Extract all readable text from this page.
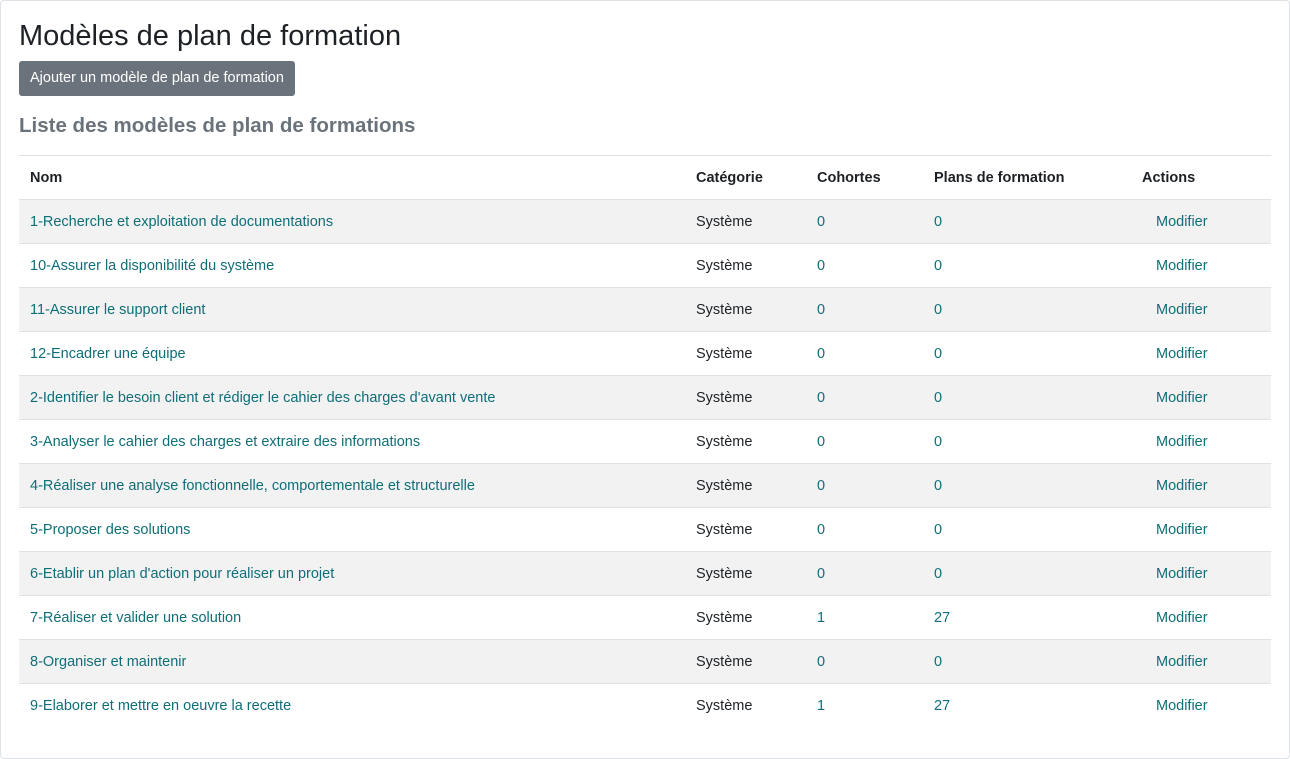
Modèles de plan de formation
Ajouter un modèle de plan de formation
Liste des modèles de plan de formations
Nom	Catégorie	Cohortes	Plans de formation	Actions
1-Recherche et exploitation de documentations	Système	0	0	Modifier
10-Assurer la disponibilité du système	Système	0	0	Modifier
11-Assurer le support client	Système	0	0	Modifier
12-Encadrer une équipe	Système	0	0	Modifier
2-Identifier le besoin client et rédiger le cahier des charges d'avant vente	Système	0	0	Modifier
3-Analyser le cahier des charges et extraire des informations	Système	0	0	Modifier
4-Réaliser une analyse fonctionnelle, comportementale et structurelle	Système	0	0	Modifier
5-Proposer des solutions	Système	0	0	Modifier
6-Etablir un plan d'action pour réaliser un projet	Système	0	0	Modifier
7-Réaliser et valider une solution	Système	1	27	Modifier
8-Organiser et maintenir	Système	0	0	Modifier
9-Elaborer et mettre en oeuvre la recette	Système	1	27	Modifier
